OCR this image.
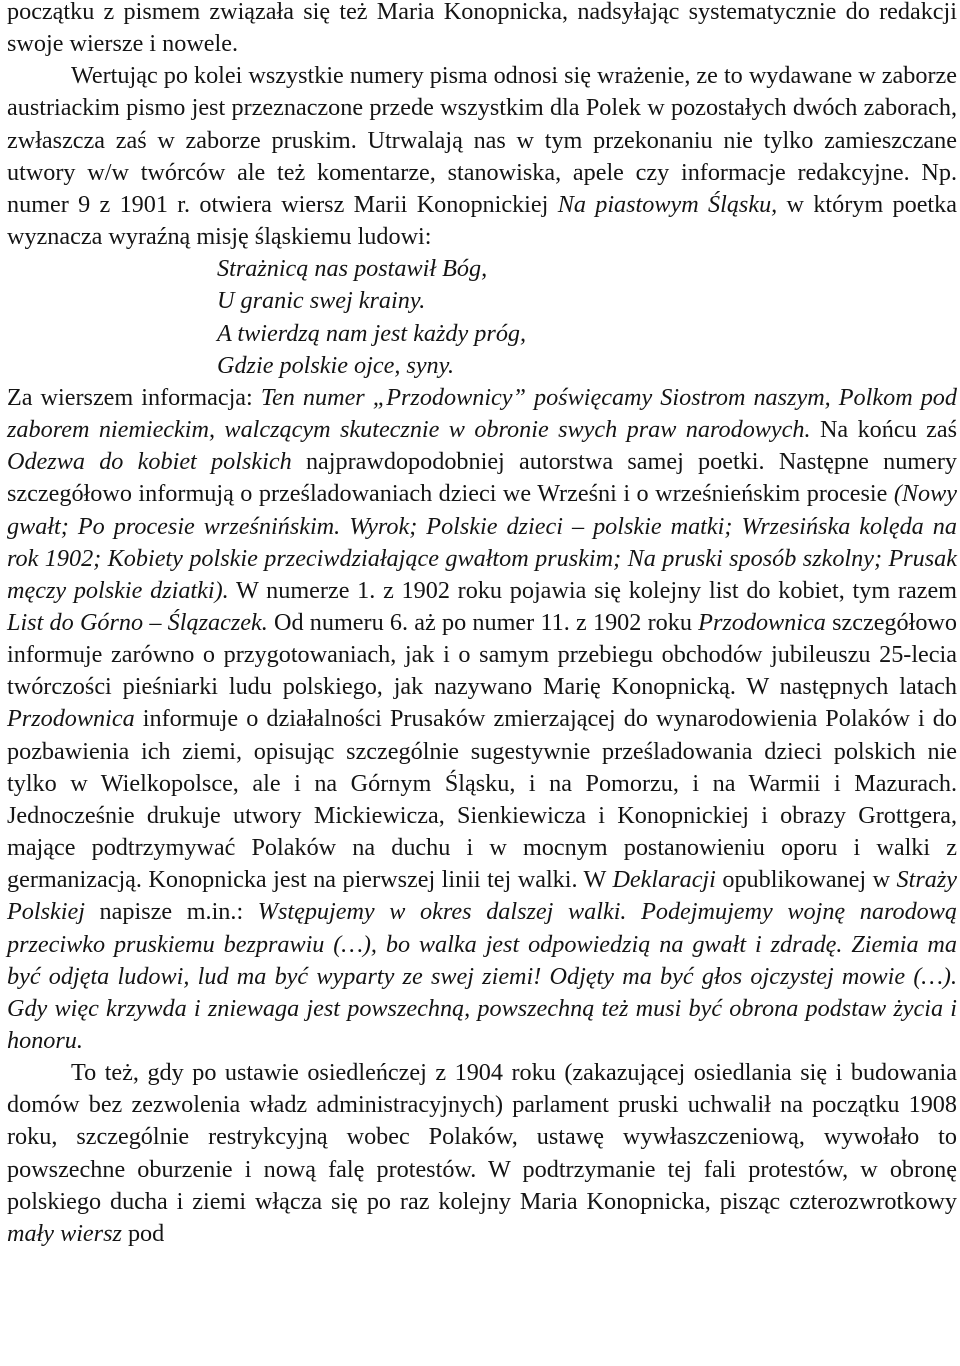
początku z pismem związała się też Maria Konopnicka, nadsyłając systematycznie do redakcji swoje wiersze i nowele.

Wertując po kolei wszystkie numery pisma odnosi się wrażenie, ze to wydawane w zaborze austriackim pismo jest przeznaczone przede wszystkim dla Polek w pozostałych dwóch zaborach, zwłaszcza zaś w zaborze pruskim. Utrwalają nas w tym przekonaniu nie tylko zamieszczane utwory w/w twórców ale też komentarze, stanowiska, apele czy informacje redakcyjne. Np. numer 9 z 1901 r. otwiera wiersz Marii Konopnickiej Na piastowym Śląsku, w którym poetka wyznacza wyraźną misję śląskiemu ludowi:

Strażnicą nas postawił Bóg,
U granic swej krainy.
A twierdzą nam jest każdy próg,
Gdzie polskie ojce, syny.

Za wierszem informacja: Ten numer „Przodownicy” poświęcamy Siostrom naszym, Polkom pod zaborem niemieckim, walczącym skutecznie w obronie swych praw narodowych. Na końcu zaś Odezwa do kobiet polskich najprawdopodobniej autorstwa samej poetki. Następne numery szczegółowo informują o prześladowaniach dzieci we Wrześni i o wrześnieńskim procesie (Nowy gwałt; Po procesie wrześnińskim. Wyrok; Polskie dzieci – polskie matki; Wrzesińska kolęda na rok 1902; Kobiety polskie przeciwdziałające gwałtom pruskim; Na pruski sposób szkolny; Prusak męczy polskie dziatki). W numerze 1. z 1902 roku pojawia się kolejny list do kobiet, tym razem List do Górno – Ślązaczek. Od numeru 6. aż po numer 11. z 1902 roku Przodownica szczegółowo informuje zarówno o przygotowaniach, jak i o samym przebiegu obchodów jubileuszu 25-lecia twórczości pieśniarki ludu polskiego, jak nazywano Marię Konopnicką. W następnych latach Przodownica informuje o działalności Prusaków zmierzającej do wynarodowienia Polaków i do pozbawienia ich ziemi, opisując szczególnie sugestywnie prześladowania dzieci polskich nie tylko w Wielkopolsce, ale i na Górnym Śląsku, i na Pomorzu, i na Warmii i Mazurach. Jednocześnie drukuje utwory Mickiewicza, Sienkiewicza i Konopnickiej i obrazy Grottgera, mające podtrzymywać Polaków na duchu i w mocnym postanowieniu oporu i walki z germanizacją. Konopnicka jest na pierwszej linii tej walki. W Deklaracji opublikowanej w Straży Polskiej napisze m.in.: Wstępujemy w okres dalszej walki. Podejmujemy wojnę narodową przeciwko pruskiemu bezprawiu (…), bo walka jest odpowiedzią na gwałt i zdradę. Ziemia ma być odjęta ludowi, lud ma być wyparty ze swej ziemi! Odjęty ma być głos ojczystej mowie (…). Gdy więc krzywda i zniewaga jest powszechną, powszechną też musi być obrona podstaw życia i honoru.

To też, gdy po ustawie osiedleńczej z 1904 roku (zakazującej osiedlania się i budowania domów bez zezwolenia władz administracyjnych) parlament pruski uchwalił na początku 1908 roku, szczególnie restrykcyjną wobec Polaków, ustawę wywłaszczeniową, wywołało to powszechne oburzenie i nową falę protestów. W podtrzymanie tej fali protestów, w obronę polskiego ducha i ziemi włącza się po raz kolejny Maria Konopnicka, pisząc czterozwrotkowy mały wiersz pod
